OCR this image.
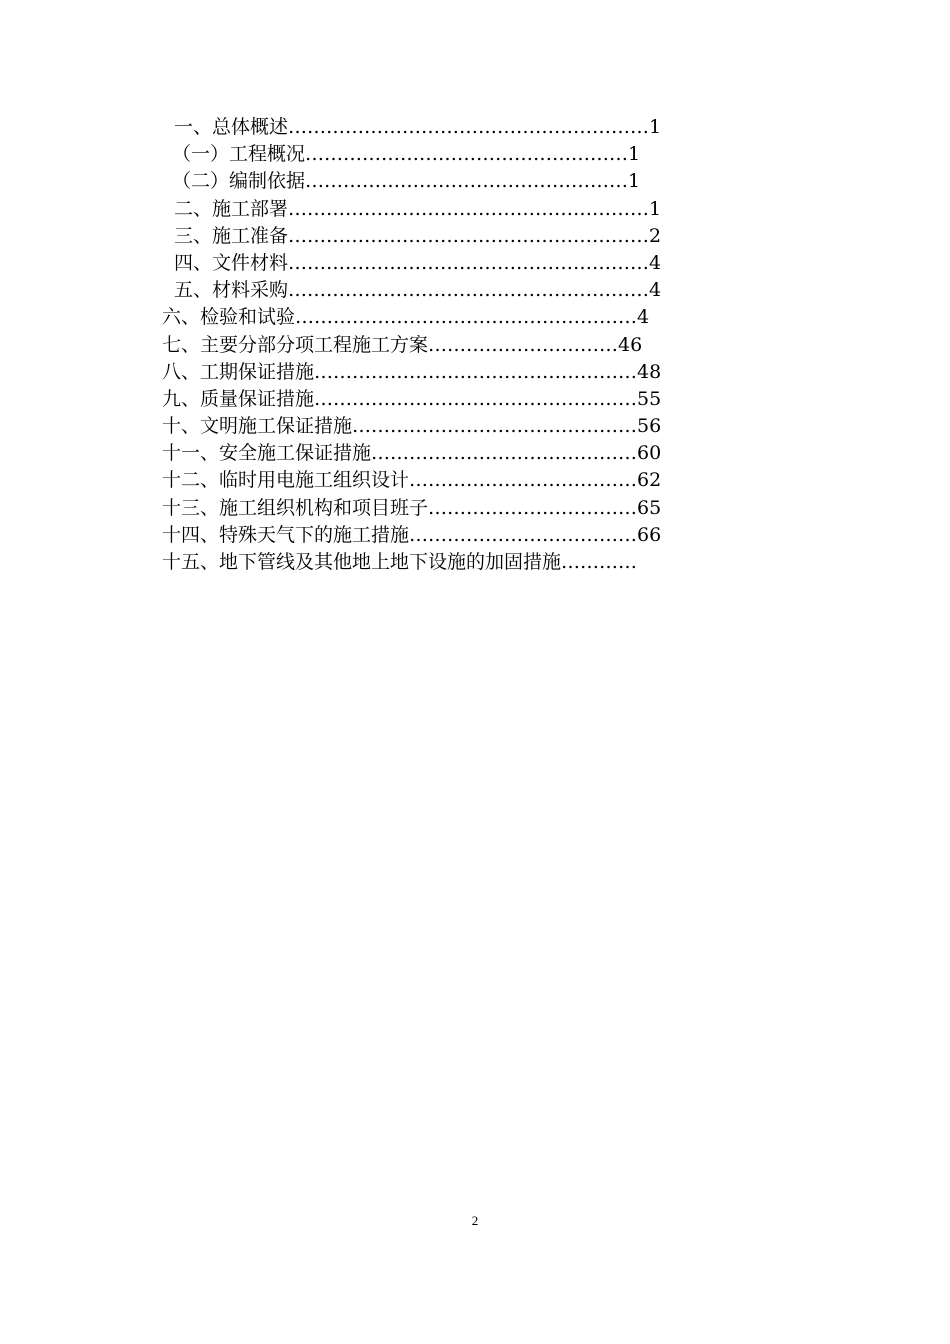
一、总体概述…………………………………………………1
（一）工程概况……………………………………………1
（二）编制依据……………………………………………1
二、施工部署…………………………………………………1
三、施工准备…………………………………………………2
四、文件材料…………………………………………………4
五、材料采购…………………………………………………4
六、检验和试验………………………………………………4
七、主要分部分项工程施工方案…………………………46
八、工期保证措施……………………………………………48
九、质量保证措施……………………………………………55
十、文明施工保证措施………………………………………56
十一、安全施工保证措施……………………………………60
十二、临时用电施工组织设计………………………………62
十三、施工组织机构和项目班子……………………………65
十四、特殊天气下的施工措施………………………………66
十五、地下管线及其他地上地下设施的加固措施…………
2
